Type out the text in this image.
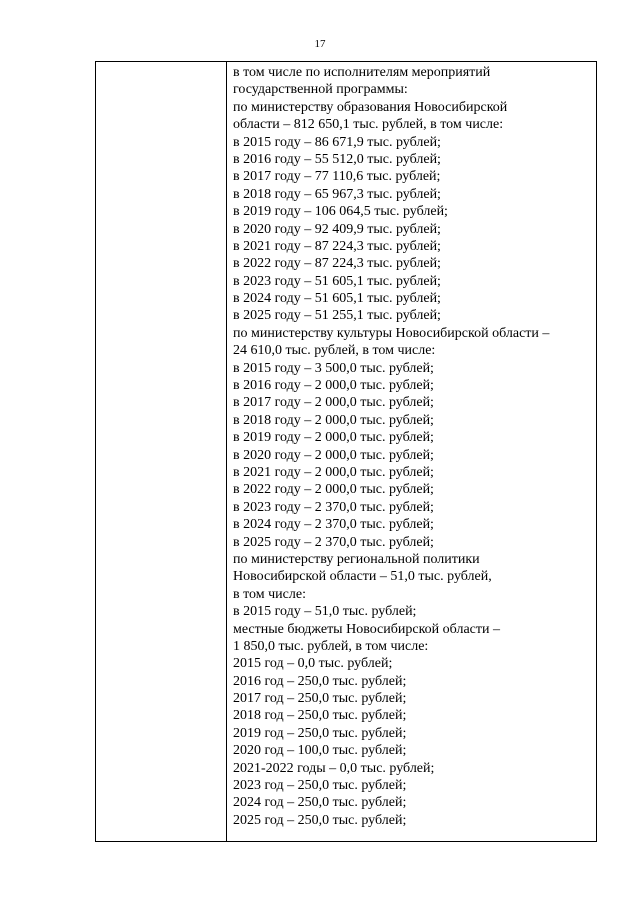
17
в том числе по исполнителям мероприятий
государственной программы:
по министерству образования Новосибирской
области – 812 650,1 тыс. рублей, в том числе:
в 2015 году – 86 671,9 тыс. рублей;
в 2016 году – 55 512,0 тыс. рублей;
в 2017 году – 77 110,6 тыс. рублей;
в 2018 году – 65 967,3 тыс. рублей;
в 2019 году – 106 064,5 тыс. рублей;
в 2020 году – 92 409,9 тыс. рублей;
в 2021 году – 87 224,3 тыс. рублей;
в 2022 году – 87 224,3 тыс. рублей;
в 2023 году – 51 605,1 тыс. рублей;
в 2024 году – 51 605,1 тыс. рублей;
в 2025 году – 51 255,1 тыс. рублей;
по министерству культуры Новосибирской области –
24 610,0 тыс. рублей, в том числе:
в 2015 году – 3 500,0 тыс. рублей;
в 2016 году – 2 000,0 тыс. рублей;
в 2017 году – 2 000,0 тыс. рублей;
в 2018 году – 2 000,0 тыс. рублей;
в 2019 году – 2 000,0 тыс. рублей;
в 2020 году – 2 000,0 тыс. рублей;
в 2021 году – 2 000,0 тыс. рублей;
в 2022 году – 2 000,0 тыс. рублей;
в 2023 году – 2 370,0 тыс. рублей;
в 2024 году – 2 370,0 тыс. рублей;
в 2025 году – 2 370,0 тыс. рублей;
по министерству региональной политики
Новосибирской области – 51,0 тыс. рублей,
в том числе:
в 2015 году – 51,0 тыс. рублей;
местные бюджеты Новосибирской области –
1 850,0 тыс. рублей, в том числе:
2015 год – 0,0 тыс. рублей;
2016 год – 250,0 тыс. рублей;
2017 год – 250,0 тыс. рублей;
2018 год – 250,0 тыс. рублей;
2019 год – 250,0 тыс. рублей;
2020 год – 100,0 тыс. рублей;
2021-2022 годы – 0,0 тыс. рублей;
2023 год – 250,0 тыс. рублей;
2024 год – 250,0 тыс. рублей;
2025 год – 250,0 тыс. рублей;
